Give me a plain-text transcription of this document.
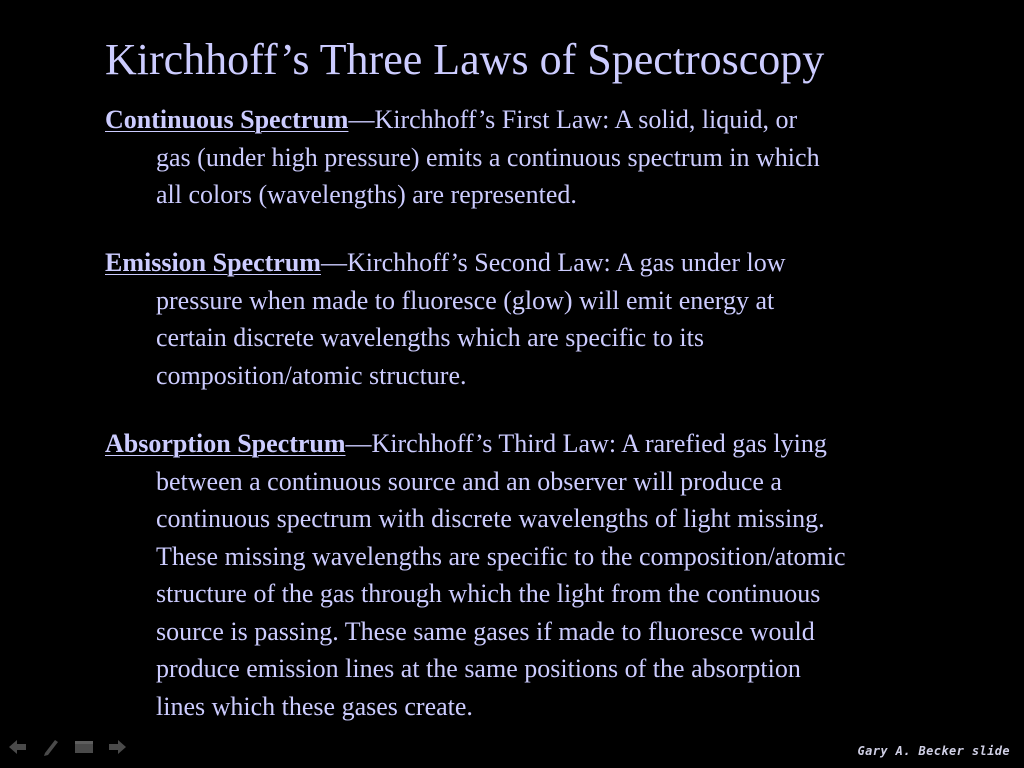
Kirchhoff’s Three Laws of Spectroscopy
Continuous Spectrum—Kirchhoff’s First Law: A solid, liquid, or
gas (under high pressure) emits a continuous spectrum in which
all colors (wavelengths) are represented.
Emission Spectrum—Kirchhoff’s Second Law: A gas under low
pressure when made to fluoresce (glow) will emit energy at
certain discrete wavelengths which are specific to its
composition/atomic structure.
Absorption Spectrum—Kirchhoff’s Third Law: A rarefied gas lying
between a continuous source and an observer will produce a
continuous spectrum with discrete wavelengths of light missing.
These missing wavelengths are specific to the composition/atomic
structure of the gas through which the light from the continuous
source is passing. These same gases if made to fluoresce would
produce emission lines at the same positions of the absorption
lines which these gases create.

Gary A. Becker slide
